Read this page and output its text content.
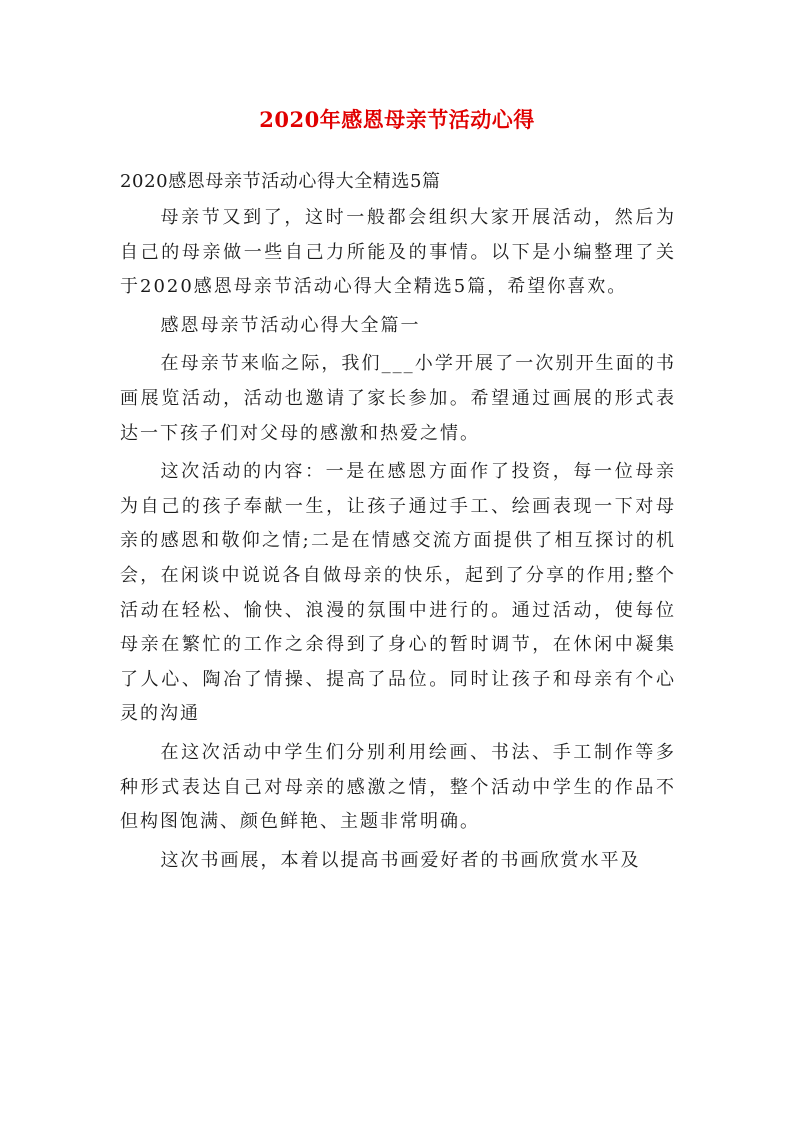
2020年感恩母亲节活动心得
2020感恩母亲节活动心得大全精选5篇

母亲节又到了，这时一般都会组织大家开展活动，然后为自己的母亲做一些自己力所能及的事情。以下是小编整理了关于2020感恩母亲节活动心得大全精选5篇，希望你喜欢。

感恩母亲节活动心得大全篇一

在母亲节来临之际，我们___小学开展了一次别开生面的书画展览活动，活动也邀请了家长参加。希望通过画展的形式表达一下孩子们对父母的感激和热爱之情。

这次活动的内容：一是在感恩方面作了投资，每一位母亲为自己的孩子奉献一生，让孩子通过手工、绘画表现一下对母亲的感恩和敬仰之情;二是在情感交流方面提供了相互探讨的机会，在闲谈中说说各自做母亲的快乐，起到了分享的作用;整个活动在轻松、愉快、浪漫的氛围中进行的。通过活动，使每位母亲在繁忙的工作之余得到了身心的暂时调节，在休闲中凝集了人心、陶冶了情操、提高了品位。同时让孩子和母亲有个心灵的沟通

在这次活动中学生们分别利用绘画、书法、手工制作等多种形式表达自己对母亲的感激之情，整个活动中学生的作品不但构图饱满、颜色鲜艳、主题非常明确。

这次书画展，本着以提高书画爱好者的书画欣赏水平及
